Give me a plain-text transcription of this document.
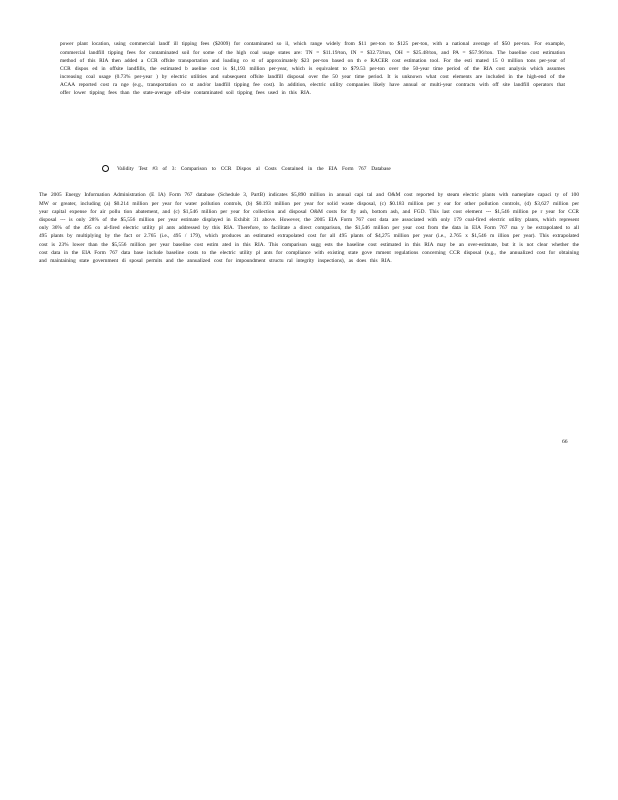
power plant location, using commercial landf ill tipping fees ($2009) for contaminated so il, which range widely from $11 per-ton to $125 per-ton, with a national average of $50 per-ton. For example, commercial landfill tipping fees for contaminated soil for some of the high coal usage states are: TN = $11.19/ton, IN = $32.73/ton, OH = $25.48/ton, and PA = $57.96/ton. The baseline cost estimation method of this RIA then added a CCR offsite transportation and loading co st of approximately $23 per-ton based on th e RACER cost estimation tool. For the esti mated 15 0 million tons per-year of CCR dispos ed in offsite landfills, the estimated b aseline cost is $1,193 million per-year, which is equivalent to $79.53 per-ton over the 50-year time period of the RIA cost analysis which assumes increasing coal usage (0.73% per-year ) by electric utilities and subsequent offsite landfill disposal over the 50 year time period. It is unknown what cost elements are included in the high-end of the ACAA reported cost ra nge (e.g., transportation co st and/or landfill tipping fee cost). In addition, electric utility companies likely have annual or multi-year contracts with off site landfill operators that offer lower tipping fees than the state-average off-site contaminated soil tipping fees used in this RIA.

Validity Test #3 of 3: Comparison to CCR Dispos al Costs Contained in the EIA Form 767 Database

The 2005 Energy Information Administration (E IA) Form 767 database (Schedule 3, PartB) indicates $5,890 million in annual capi tal and O&M cost reported by steam electric plants with nameplate capaci ty of 100 MW or greater, including (a) $0.214 million per year for water pollution controls, (b) $0.193 million per year for solid waste disposal, (c) $0.183 million per y ear for other pollution controls, (d) $3,627 million per year capital expense for air pollu tion abatement, and (c) $1,546 million per year for collection and disposal O&M costs for fly ash, bottom ash, and FGD. This last cost element --- $1,546 million pe r year for CCR disposal --- is only 28% of the $5,556 million per year estimate displayed in Exhibit 31 above. However, the 2005 EIA Form 767 cost data are associated with only 179 coal-fired electric utility plants, which represent only 36% of the 495 co al-fired electric utility pl ants addressed by this RIA. Therefore, to facilitate a direct comparison, the $1,546 million per year cost from the data in EIA Form 767 ma y be extrapolated to all 495 plants by multiplying by the fact or 2.765 (i.e., 495 / 179), which produces an estimated extrapolated cost for all 495 plants of $4,275 million per year (i.e., 2.765 x $1,546 m illion per year). This extrapolated cost is 23% lower than the $5,556 million per year baseline cost estim ated in this RIA. This comparison sugg ests the baseline cost estimated in this RIA may be an over-estimate, but it is not clear whether the cost data in the EIA Form 767 data base include baseline costs to the electric utility pl ants for compliance with existing state gove rnment regulations concerning CCR disposal (e.g., the annualized cost for obtaining and maintaining state government di sposal permits and the annualized cost for impoundment structu ral integrity inspections), as does this RIA.

66
